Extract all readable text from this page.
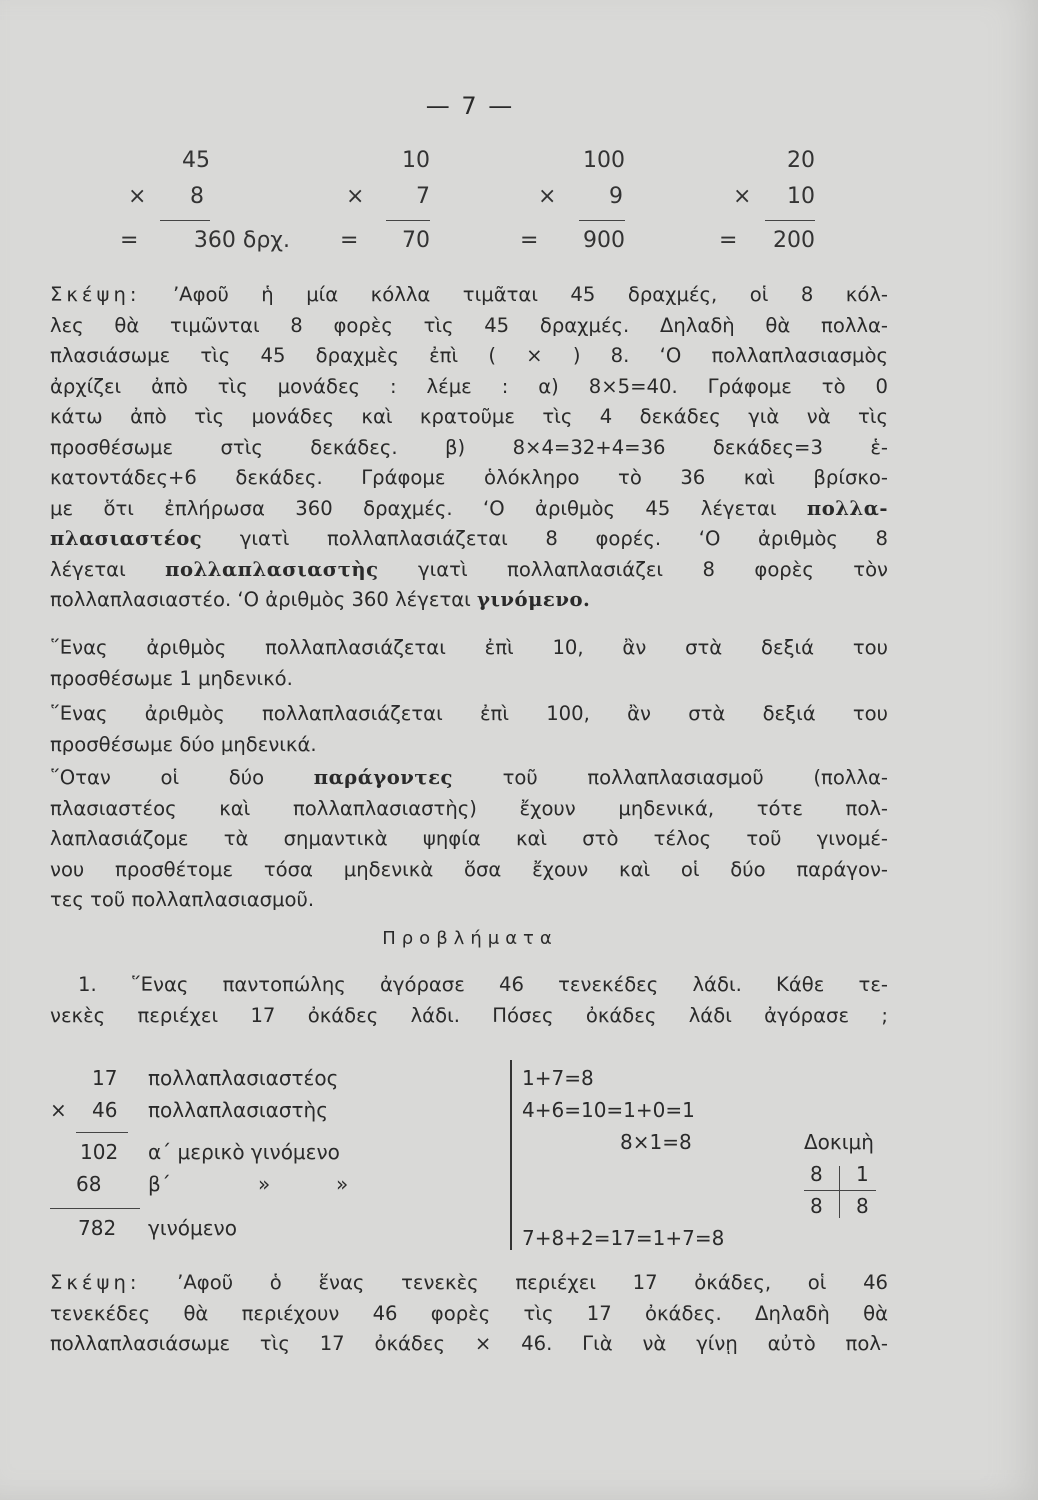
— 7 —
45
× 8
=	360 δρχ.
10
× 7
= 70
100
× 9
= 900
20
× 10
= 200
Σκέψη: ’Αφοῦ ἡ μία κόλλα τιμᾶται 45 δραχμές, οἱ 8 κόλ-
λες θὰ τιμῶνται 8 φορὲς τὶς 45 δραχμές. Δηλαδὴ θὰ πολλα-
πλασιάσωμε τὶς 45 δραχμὲς ἐπὶ ( × ) 8. ‘Ο πολλαπλασιασμὸς
ἀρχίζει ἀπὸ τὶς μονάδες : λέμε : α) 8×5=40. Γράφομε τὸ 0
κάτω ἀπὸ τὶς μονάδες καὶ κρατοῦμε τὶς 4 δεκάδες γιὰ νὰ τὶς
προσθέσωμε στὶς δεκάδες. β) 8×4=32+4=36 δεκάδες=3 ἑ-
κατοντάδες+6 δεκάδες. Γράφομε ὁλόκληρο τὸ 36 καὶ βρίσκο-
με ὅτι ἐπλήρωσα 360 δραχμές. ‘Ο ἀριθμὸς 45 λέγεται πολλα-
πλασιαστέος γιατὶ πολλαπλασιάζεται 8 φορές. ‘Ο ἀριθμὸς 8
λέγεται πολλαπλασιαστὴς γιατὶ πολλαπλασιάζει 8 φορὲς τὸν
πολλαπλασιαστέο. ‘Ο ἀριθμὸς 360 λέγεται γινόμενο.
῞Ενας ἀριθμὸς πολλαπλασιάζεται ἐπὶ 10, ἂν στὰ δεξιά του
προσθέσωμε 1 μηδενικό.
῞Ενας ἀριθμὸς πολλαπλασιάζεται ἐπὶ 100, ἂν στὰ δεξιά του
προσθέσωμε δύο μηδενικά.
῞Οταν οἱ δύο παράγοντες τοῦ πολλαπλασιασμοῦ (πολλα-
πλασιαστέος καὶ πολλαπλασιαστὴς) ἔχουν μηδενικά, τότε πολ-
λαπλασιάζομε τὰ σημαντικὰ ψηφία καὶ στὸ τέλος τοῦ γινομέ-
νου προσθέτομε τόσα μηδενικὰ ὅσα ἔχουν καὶ οἱ δύο παράγον-
τες τοῦ πολλαπλασιασμοῦ.
Προβλήματα
1. ῞Ενας παντοπώλης ἀγόρασε 46 τενεκέδες λάδι. Κάθε τε-
νεκὲς περιέχει 17 ὀκάδες λάδι. Πόσες ὀκάδες λάδι ἀγόρασε ;
17 πολλαπλασιαστέος
× 46 πολλαπλασιαστὴς
102 α΄ μερικὸ γινόμενο
68 β΄	»	»
782 γινόμενο
1+7=8
4+6=10=1+0=1
8×1=8	Δοκιμὴ
8 1
8 8
7+8+2=17=1+7=8
Σκέψη: ’Αφοῦ ὁ ἕνας τενεκὲς περιέχει 17 ὀκάδες, οἱ 46
τενεκέδες θὰ περιέχουν 46 φορὲς τὶς 17 ὀκάδες. Δηλαδὴ θὰ
πολλαπλασιάσωμε τὶς 17 ὀκάδες × 46. Γιὰ νὰ γίνῃ αὐτὸ πολ-
